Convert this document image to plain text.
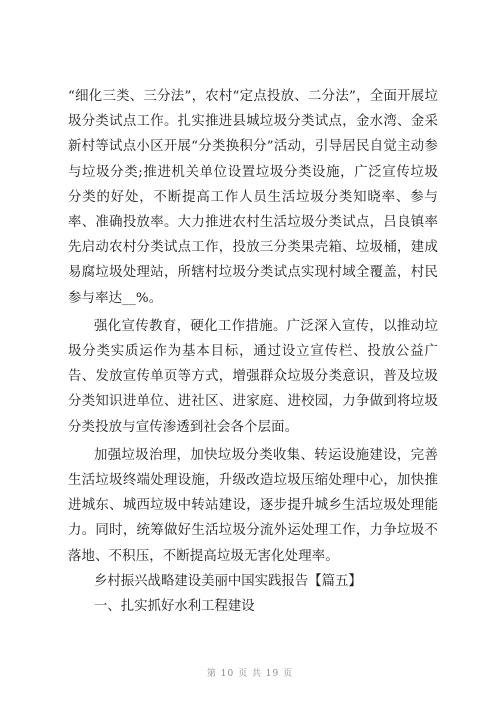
“细化三类、三分法”，农村“定点投放、二分法”，全面开展垃圾分类试点工作。扎实推进县城垃圾分类试点，金水湾、金采新村等试点小区开展“分类换积分”活动，引导居民自觉主动参与垃圾分类;推进机关单位设置垃圾分类设施，广泛宣传垃圾分类的好处，不断提高工作人员生活垃圾分类知晓率、参与率、准确投放率。大力推进农村生活垃圾分类试点，吕良镇率先启动农村分类试点工作，投放三分类果壳箱、垃圾桶，建成易腐垃圾处理站，所辖村垃圾分类试点实现村域全覆盖，村民参与率达__%。

强化宣传教育，硬化工作措施。广泛深入宣传，以推动垃圾分类实质运作为基本目标，通过设立宣传栏、投放公益广告、发放宣传单页等方式，增强群众垃圾分类意识，普及垃圾分类知识进单位、进社区、进家庭、进校园，力争做到将垃圾分类投放与宣传渗透到社会各个层面。

加强垃圾治理，加快垃圾分类收集、转运设施建设，完善生活垃圾终端处理设施，升级改造垃圾压缩处理中心，加快推进城东、城西垃圾中转站建设，逐步提升城乡生活垃圾处理能力。同时，统筹做好生活垃圾分流外运处理工作，力争垃圾不落地、不积压，不断提高垃圾无害化处理率。

乡村振兴战略建设美丽中国实践报告【篇五】

一、扎实抓好水利工程建设

第 10 页 共 19 页
